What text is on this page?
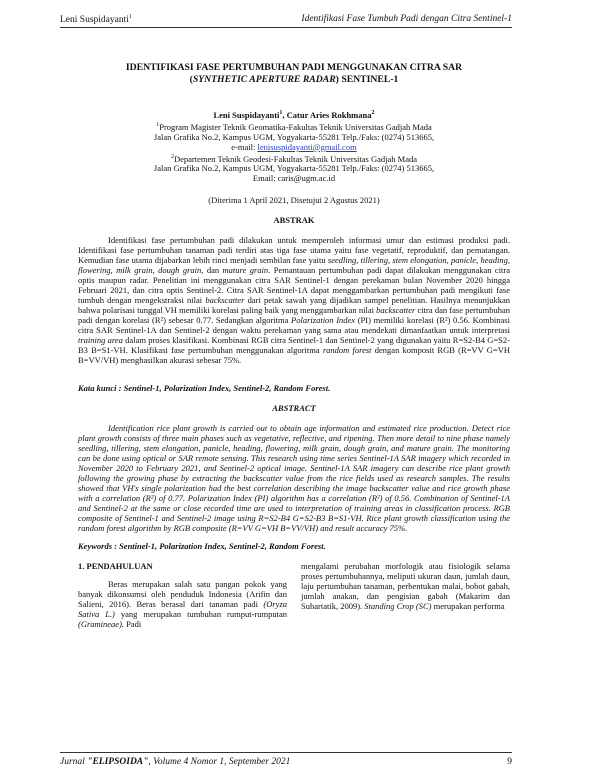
Leni Suspidayanti$^1$	Identifikasi Fase Tumbuh Padi dengan Citra Sentinel-1
IDENTIFIKASI FASE PERTUMBUHAN PADI MENGGUNAKAN CITRA SAR
(SYNTHETIC APERTURE RADAR) SENTINEL-1
Leni Suspidayanti$^1$, Catur Aries Rokhmana$^2$
$^1$Program Magister Teknik Geomatika-Fakultas Teknik Universitas Gadjah Mada
Jalan Grafika No.2, Kampus UGM, Yogyakarta-55281 Telp./Faks: (0274) 513665,
e-mail: lenisuspidayanti@gmail.com
$^2$Departemen Teknik Geodesi-Fakultas Teknik Universitas Gadjah Mada
Jalan Grafika No.2, Kampus UGM, Yogyakarta-55281 Telp./Faks: (0274) 513665,
Email: caris@ugm.ac.id
(Diterima 1 April 2021, Disetujui 2 Agustus 2021)
ABSTRAK
Identifikasi fase pertumbuhan padi dilakukan untuk memperoleh informasi umur dan estimasi produksi padi. Identifikasi fase pertumbuhan tanaman padi terdiri atas tiga fase utama yaitu fase vegetatif, reproduktif, dan pematangan. Kemudian fase utama dijabarkan lebih rinci menjadi sembilan fase yaitu seedling, tillering, stem elongation, panicle, heading, flowering, milk grain, dough grain, dan mature grain. Pemantauan pertumbuhan padi dapat dilakukan menggunakan citra optis maupun radar. Penelitian ini menggunakan citra SAR Sentinel-1 dengan perekaman bulan November 2020 hingga Februari 2021, dan citra optis Sentinel-2. Citra SAR Sentinel-1A dapat menggambarkan pertumbuhan padi mengikuti fase tumbuh dengan mengekstraksi nilai backscatter dari petak sawah yang dijadikan sampel penelitian. Hasilnya menunjukkan bahwa polarisasi tunggal VH memiliki korelasi paling baik yang menggambarkan nilai backscatter citra dan fase pertumbuhan padi dengan korelasi (R²) sebesar 0.77. Sedangkan algoritma Polarization Index (PI) memiliki korelasi (R²) 0.56. Kombinasi citra SAR Sentinel-1A dan Sentinel-2 dengan waktu perekaman yang sama atau mendekati dimanfaatkan untuk interpretasi training area dalam proses klasifikasi. Kombinasi RGB citra Sentinel-1 dan Sentinel-2 yang digunakan yaitu R=S2-B4 G=S2-B3 B=S1-VH. Klasifikasi fase pertumbuhan menggunakan algoritma random forest dengan komposit RGB (R=VV G=VH B=VV/VH) menghasilkan akurasi sebesar 75%.
Kata kunci : Sentinel-1, Polarization Index, Sentinel-2, Random Forest.
ABSTRACT
Identification rice plant growth is carried out to obtain age information and estimated rice production. Detect rice plant growth consists of three main phases such as vegetative, reflective, and ripening. Then more detail to nine phase namely seedling, tillering, stem elongation, panicle, heading, flowering, milk grain, dough grain, and mature grain. The monitoring can be done using optical or SAR remote sensing. This research using time series Sentinel-1A SAR imagery which recorded in November 2020 to February 2021, and Sentinel-2 optical image. Sentinel-1A SAR imagery can describe rice plant growth following the growing phase by extracting the backscatter value from the rice fields used as research samples. The results showed that VH's single polarization had the best correlation describing the image backscatter value and rice growth phase with a correlation (R²) of 0.77. Polarization Index (PI) algorithm has a correlation (R²) of 0.56. Combination of Sentinel-1A and Sentinel-2 at the same or close recorded time are used to interpretation of training areas in classification process. RGB composite of Sentinel-1 and Sentinel-2 image using R=S2-B4 G=S2-B3 B=S1-VH. Rice plant growth classification using the random forest algorithm by RGB composite (R=VV G=VH B=VV/VH) and result accuracy 75%.
Keywords : Sentinel-1, Polarization Index, Sentinel-2, Random Forest.
1. PENDAHULUAN
Beras merupakan salah satu pangan pokok yang banyak dikonsumsi oleh penduduk Indonesia (Arifin dan Salieni, 2016). Beras berasal dari tanaman padi (Oryza Sativa L.) yang merupakan tumbuhan rumput-rumputan (Gramineae). Padi
mengalami perubahan morfologik atau fisiologik selama proses pertumbuhannya, meliputi ukuran daun, jumlah daun, laju pertumbuhan tanaman, perbentukan malai, bobot gabah, jumlah anakan, dan pengisian gabah (Makarim dan Suhartatik, 2009). Standing Crop (SC) merupakan performa
Jurnal "ELIPSOIDA", Volume 4 Nomor 1, September 2021	9
